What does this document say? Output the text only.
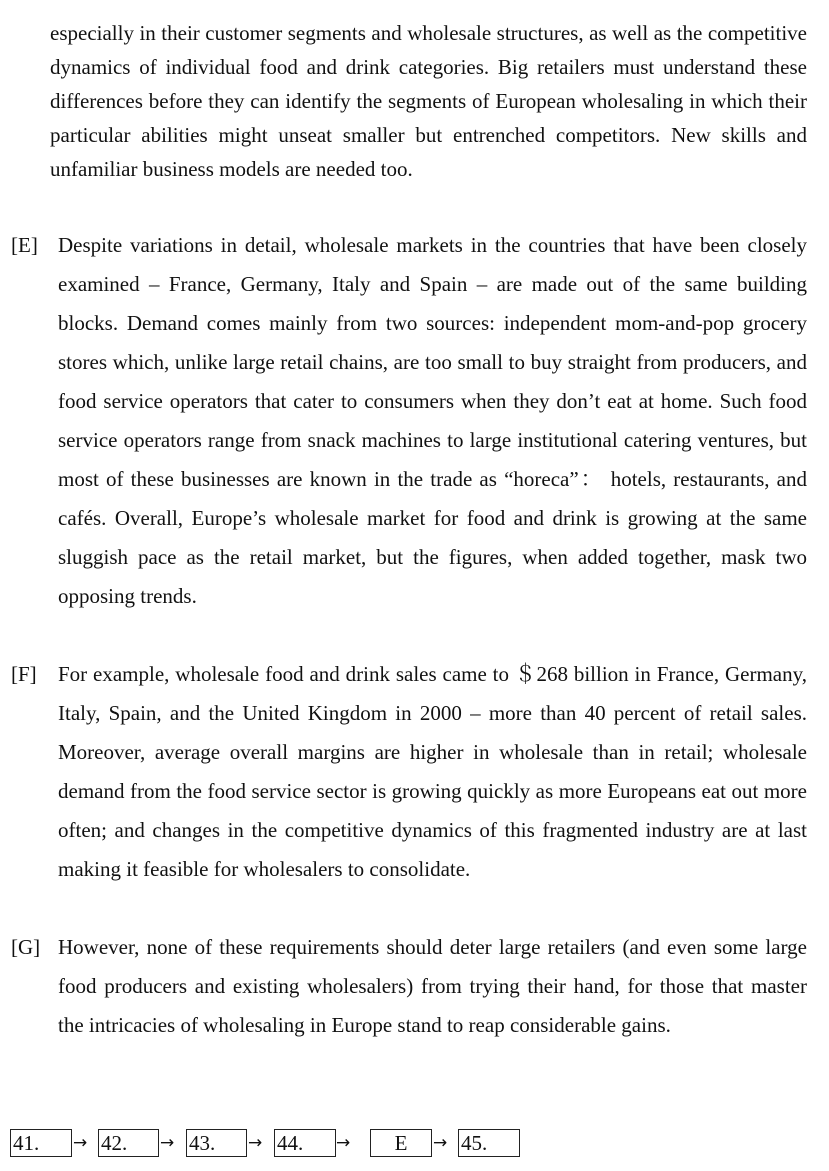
especially in their customer segments and wholesale structures, as well as the competitive dynamics of individual food and drink categories. Big retailers must understand these differences before they can identify the segments of European wholesaling in which their particular abilities might unseat smaller but entrenched competitors. New skills and unfamiliar business models are needed too.
[E] Despite variations in detail, wholesale markets in the countries that have been closely examined – France, Germany, Italy and Spain – are made out of the same building blocks. Demand comes mainly from two sources: independent mom-and-pop grocery stores which, unlike large retail chains, are too small to buy straight from producers, and food service operators that cater to consumers when they don’t eat at home. Such food service operators range from snack machines to large institutional catering ventures, but most of these businesses are known in the trade as “horeca”： hotels, restaurants, and cafés. Overall, Europe’s wholesale market for food and drink is growing at the same sluggish pace as the retail market, but the figures, when added together, mask two opposing trends.
[F] For example, wholesale food and drink sales came to ＄268 billion in France, Germany, Italy, Spain, and the United Kingdom in 2000 – more than 40 percent of retail sales. Moreover, average overall margins are higher in wholesale than in retail; wholesale demand from the food service sector is growing quickly as more Europeans eat out more often; and changes in the competitive dynamics of this fragmented industry are at last making it feasible for wholesalers to consolidate.
[G] However, none of these requirements should deter large retailers (and even some large food producers and existing wholesalers) from trying their hand, for those that master the intricacies of wholesaling in Europe stand to reap considerable gains.
41.	→ 42.	→ 43.	→ 44.	→	E	→ 45.
